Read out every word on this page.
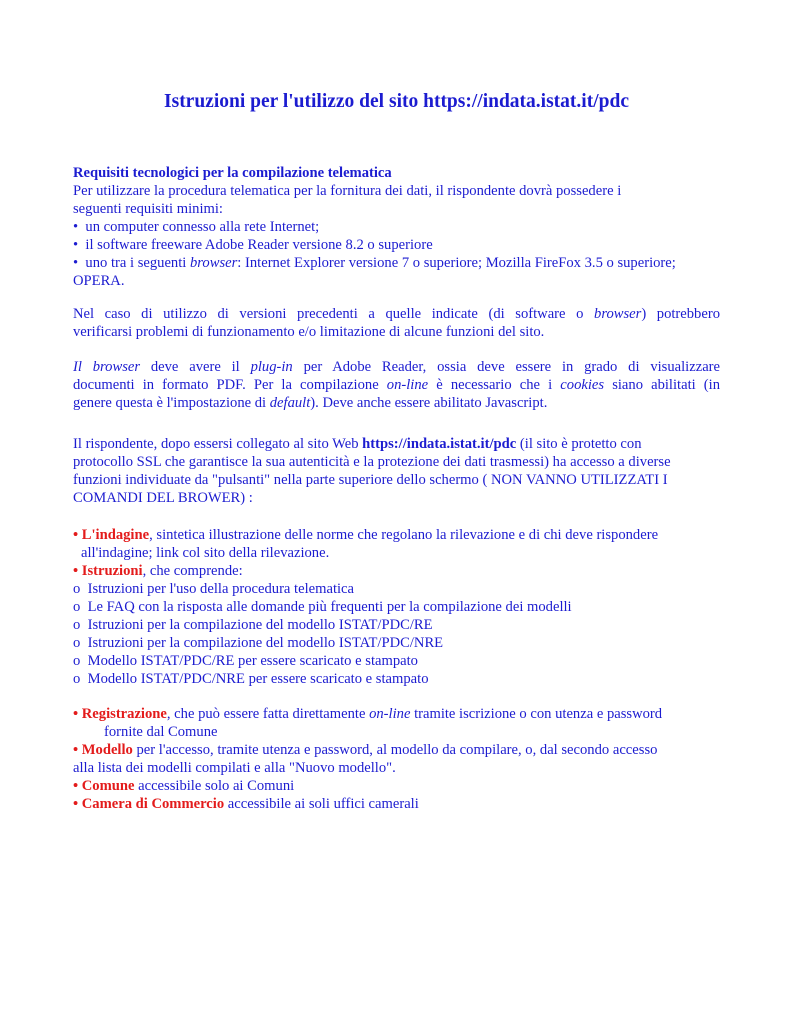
Istruzioni per l'utilizzo del sito https://indata.istat.it/pdc
Requisiti tecnologici per la compilazione telematica
Per utilizzare la procedura telematica per la fornitura dei dati, il rispondente dovrà possedere i
seguenti requisiti minimi:
• un computer connesso alla rete Internet;
• il software freeware Adobe Reader versione 8.2 o superiore
• uno tra i seguenti browser: Internet Explorer versione 7 o superiore; Mozilla FireFox 3.5 o superiore;
OPERA.
Nel caso di utilizzo di versioni precedenti a quelle indicate (di software o browser) potrebbero
verificarsi problemi di funzionamento e/o limitazione di alcune funzioni del sito.
Il browser deve avere il plug-in per Adobe Reader, ossia deve essere in grado di visualizzare
documenti in formato PDF. Per la compilazione on-line è necessario che i cookies siano abilitati (in
genere questa è l'impostazione di default). Deve anche essere abilitato Javascript.
Il rispondente, dopo essersi collegato al sito Web https://indata.istat.it/pdc (il sito è protetto con
protocollo SSL che garantisce la sua autenticità e la protezione dei dati trasmessi) ha accesso a diverse
funzioni individuate da "pulsanti" nella parte superiore dello schermo ( NON VANNO UTILIZZATI I
COMANDI DEL BROWER) :
• L'indagine, sintetica illustrazione delle norme che regolano la rilevazione e di chi deve rispondere
all'indagine; link col sito della rilevazione.
• Istruzioni, che comprende:
o Istruzioni per l'uso della procedura telematica
o Le FAQ con la risposta alle domande più frequenti per la compilazione dei modelli
o Istruzioni per la compilazione del modello ISTAT/PDC/RE
o Istruzioni per la compilazione del modello ISTAT/PDC/NRE
o Modello ISTAT/PDC/RE per essere scaricato e stampato
o Modello ISTAT/PDC/NRE per essere scaricato e stampato
• Registrazione, che può essere fatta direttamente on-line tramite iscrizione o con utenza e password
fornite dal Comune
• Modello per l'accesso, tramite utenza e password, al modello da compilare, o, dal secondo accesso
alla lista dei modelli compilati e alla "Nuovo modello".
• Comune accessibile solo ai Comuni
• Camera di Commercio accessibile ai soli uffici camerali
